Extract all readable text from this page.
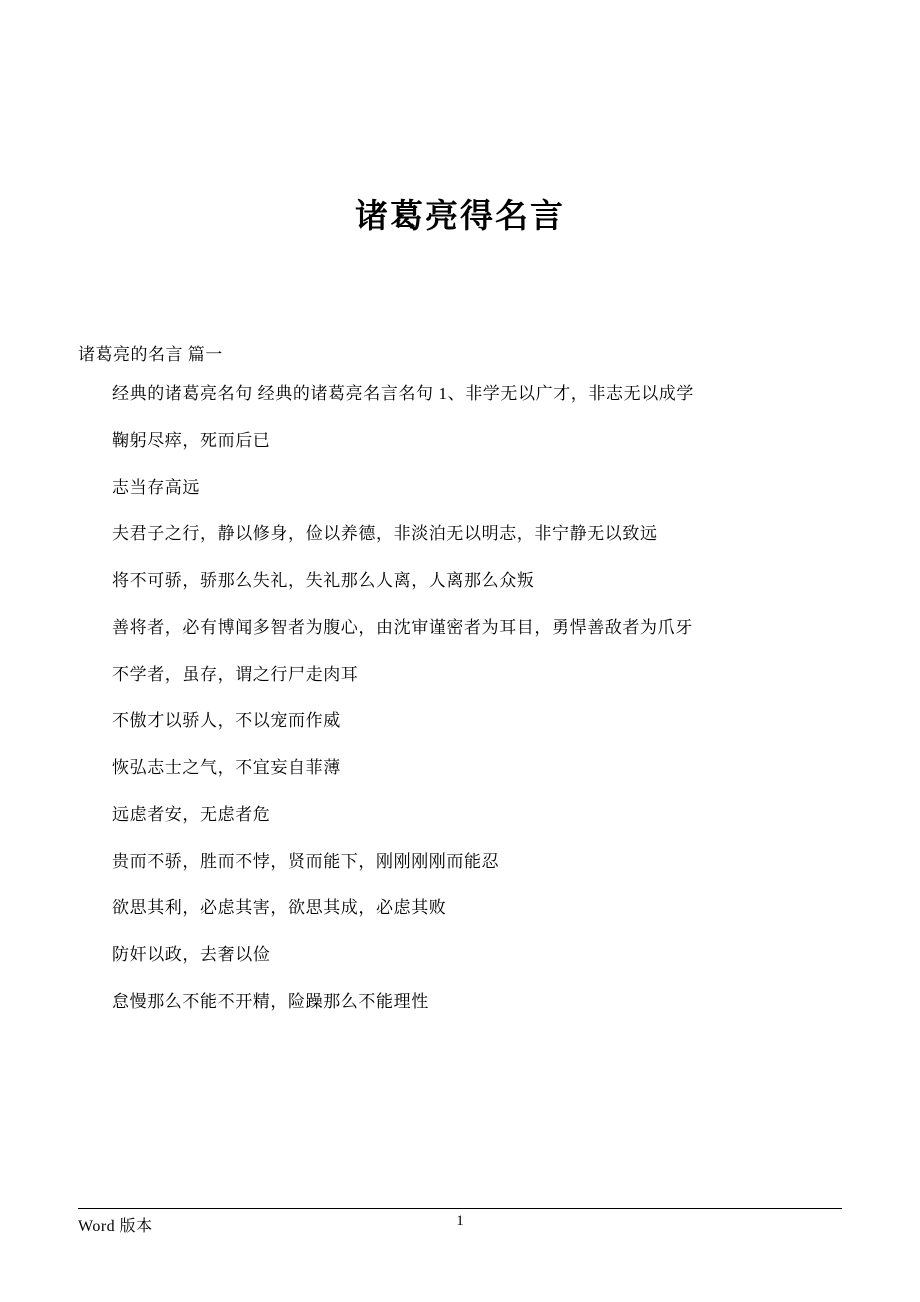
诸葛亮得名言
诸葛亮的名言 篇一

经典的诸葛亮名句 经典的诸葛亮名言名句 1、非学无以广才，非志无以成学

鞠躬尽瘁，死而后已

志当存高远

夫君子之行，静以修身，俭以养德，非淡泊无以明志，非宁静无以致远

将不可骄，骄那么失礼，失礼那么人离，人离那么众叛

善将者，必有博闻多智者为腹心，由沈审谨密者为耳目，勇悍善敌者为爪牙

不学者，虽存，谓之行尸走肉耳

不傲才以骄人，不以宠而作威

恢弘志士之气，不宜妄自菲薄

远虑者安，无虑者危

贵而不骄，胜而不悖，贤而能下，刚刚刚刚而能忍

欲思其利，必虑其害，欲思其成，必虑其败

防奸以政，去奢以俭

怠慢那么不能不开精，险躁那么不能理性

Word 版本	1
